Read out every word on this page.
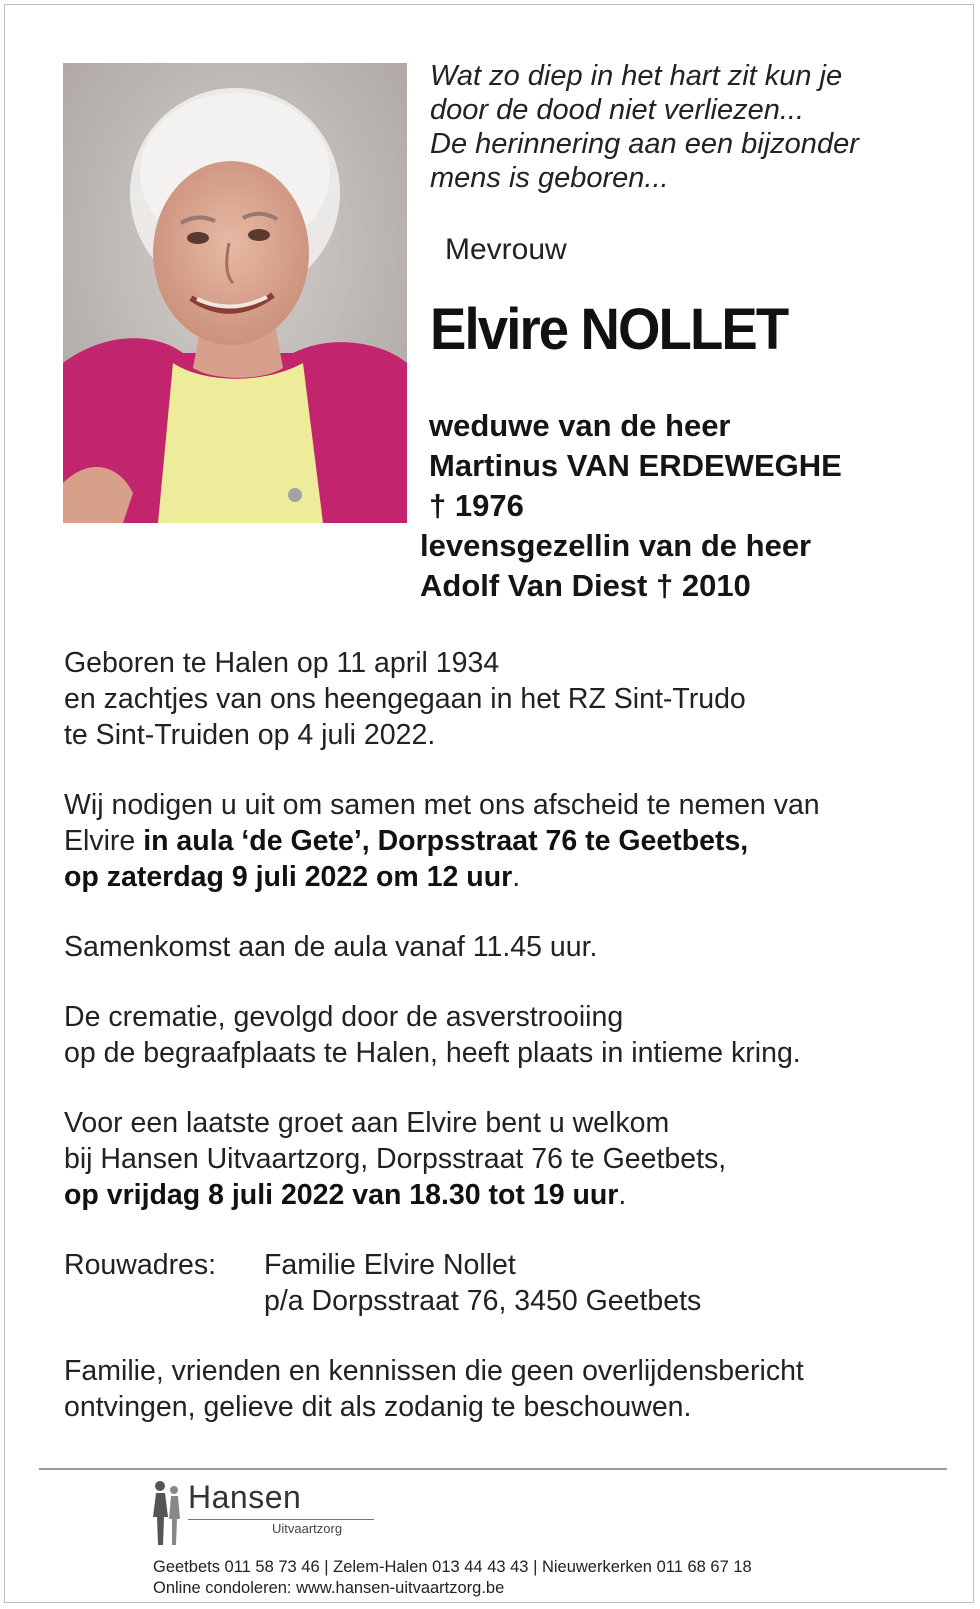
Wat zo diep in het hart zit kun je
door de dood niet verliezen...
De herinnering aan een bijzonder
mens is geboren...
Mevrouw
Elvire NOLLET
weduwe van de heer
Martinus VAN ERDEWEGHE
† 1976
levensgezellin van de heer
Adolf Van Diest † 2010

Geboren te Halen op 11 april 1934
en zachtjes van ons heengegaan in het RZ Sint-Trudo
te Sint-Truiden op 4 juli 2022.

Wij nodigen u uit om samen met ons afscheid te nemen van
Elvire in aula ‘de Gete’, Dorpsstraat 76 te Geetbets,
op zaterdag 9 juli 2022 om 12 uur.

Samenkomst aan de aula vanaf 11.45 uur.

De crematie, gevolgd door de asverstrooiing
op de begraafplaats te Halen, heeft plaats in intieme kring.

Voor een laatste groet aan Elvire bent u welkom
bij Hansen Uitvaartzorg, Dorpsstraat 76 te Geetbets,
op vrijdag 8 juli 2022 van 18.30 tot 19 uur.

Rouwadres:	Familie Elvire Nollet
p/a Dorpsstraat 76, 3450 Geetbets

Familie, vrienden en kennissen die geen overlijdensbericht
ontvingen, gelieve dit als zodanig te beschouwen.

Hansen
Uitvaartzorg
Geetbets 011 58 73 46 | Zelem-Halen 013 44 43 43 | Nieuwerkerken 011 68 67 18
Online condoleren: www.hansen-uitvaartzorg.be
